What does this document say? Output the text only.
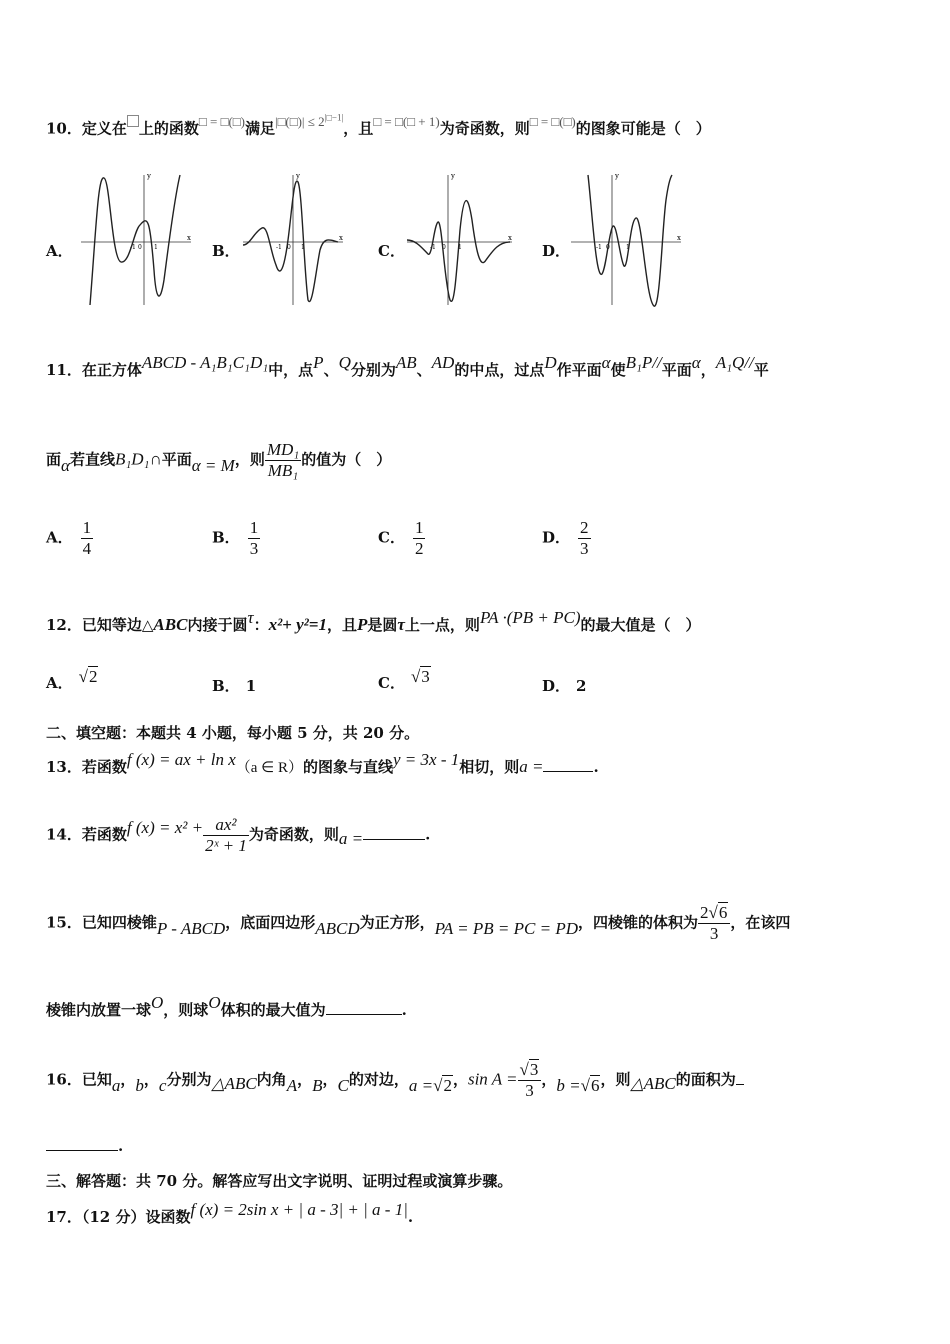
10．定义在 上的函数□ = □(□)满足|□(□)| ≤ $2^{|□-1|}$，且□ = □(□ + 1)为奇函数，则□ = □(□)的图象可能是（　）
A．
y
x
-1 0 1	B．
y
x
-1 0 1	C．
y
x
-1 0 1	D．
y
x
-1 0	1
11．在正方体ABCD - A₁B₁C₁D₁中，点P、Q分别为AB、AD的中点，过点D作平面α使B₁P//平面α，A₁Q//平
面α若直线B₁D₁∩平面α = M，则 $\frac{\text{MD₁}}{\text{MB₁}}$ 的值为（　）
A． $\frac{1}{4}$	B． $\frac{1}{3}$	C． $\frac{1}{2}$	D． $\frac{2}{3}$
12．已知等边△ABC内接于圆τ：x²+ y²=1，且P是圆τ上一点，则PA ·(PB + PC)的最大值是（　）
A． √2	B． 1	C． √3	D． 2
二、填空题：本题共 4 小题，每小题 5 分，共 20 分。
13．若函数f (x) = ax + ln x（a ∈ R）的图象与直线y = 3x - 1相切，则a =	.
14．若函数f $(x) = x^2 + \frac{\text{ax²}}{\text{2ˣ + 1}}$ 为奇函数，则a =	.
15．已知四棱锥P - ABCD，底面四边形ABCD为正方形，PA = PB = PC = PD，四棱锥的体积为 $\frac{2√6}{3}$ ，在该四
棱锥内放置一球O，则球O体积的最大值为	.
16．已知a，b，c分别为△ABC内角A，B，C的对边，a =√2，$\sin A = \frac{√3}{3}$ ，b =√6，则△ABC的面积为
.
三、解答题：共 70 分。解答应写出文字说明、证明过程或演算步骤。
17．（12 分）设函数f (x) = 2sin x + | a - 3| + | a - 1|.
